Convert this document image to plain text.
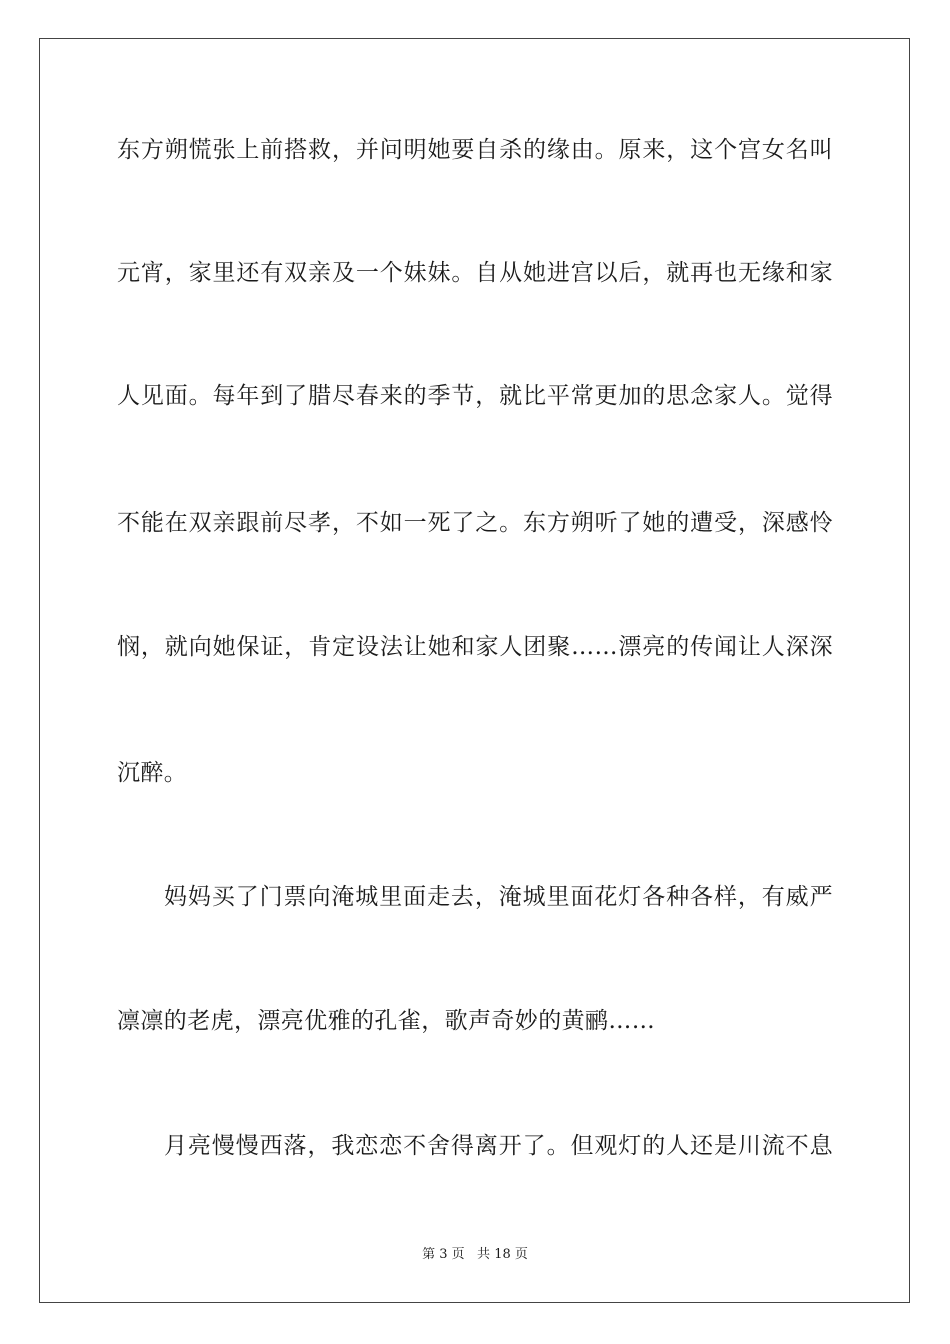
东方朔慌张上前搭救，并问明她要自杀的缘由。原来，这个宫女名叫
元宵，家里还有双亲及一个妹妹。自从她进宫以后，就再也无缘和家
人见面。每年到了腊尽春来的季节，就比平常更加的思念家人。觉得
不能在双亲跟前尽孝，不如一死了之。东方朔听了她的遭受，深感怜
悯，就向她保证，肯定设法让她和家人团聚……漂亮的传闻让人深深
沉醉。
妈妈买了门票向淹城里面走去，淹城里面花灯各种各样，有威严
凛凛的老虎，漂亮优雅的孔雀，歌声奇妙的黄鹂……
月亮慢慢西落，我恋恋不舍得离开了。但观灯的人还是川流不息
第 3 页   共 18 页
